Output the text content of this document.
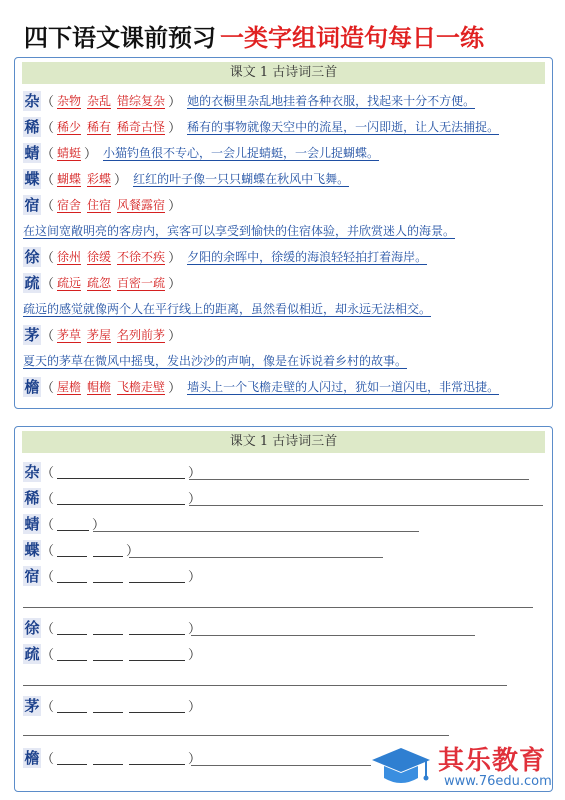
四下语文课前预习 一类字组词造句每日一练
课文 1 古诗词三首
杂 （ 杂物 杂乱 错综复杂 ） 她的衣橱里杂乱地挂着各种衣服，找起来十分不方便。
稀 （ 稀少 稀有 稀奇古怪 ） 稀有的事物就像天空中的流星，一闪即逝，让人无法捕捉。
蜻 （ 蜻蜓 ） 小猫钓鱼很不专心，一会儿捉蜻蜓，一会儿捉蝴蝶。
蝶 （ 蝴蝶 彩蝶 ） 红红的叶子像一只只蝴蝶在秋风中飞舞。
宿 （ 宿舍 住宿 风餐露宿 ）
在这间宽敞明亮的客房内，宾客可以享受到愉快的住宿体验，并欣赏迷人的海景。
徐 （ 徐州 徐缓 不徐不疾 ） 夕阳的余晖中，徐缓的海浪轻轻拍打着海岸。
疏 （ 疏远 疏忽 百密一疏 ）
疏远的感觉就像两个人在平行线上的距离，虽然看似相近，却永远无法相交。
茅 （ 茅草 茅屋 名列前茅 ）
夏天的茅草在微风中摇曳，发出沙沙的声响，像是在诉说着乡村的故事。
檐 （ 屋檐 帽檐 飞檐走壁 ） 墙头上一个飞檐走壁的人闪过，犹如一道闪电，非常迅捷。
课文 1 古诗词三首
杂 （	）
稀 （	）
蜻 （	）
蝶 （	）
宿 （	）
徐 （	）
疏 （	）
茅 （	）
檐 （	）	其乐教育
www.76edu.com
